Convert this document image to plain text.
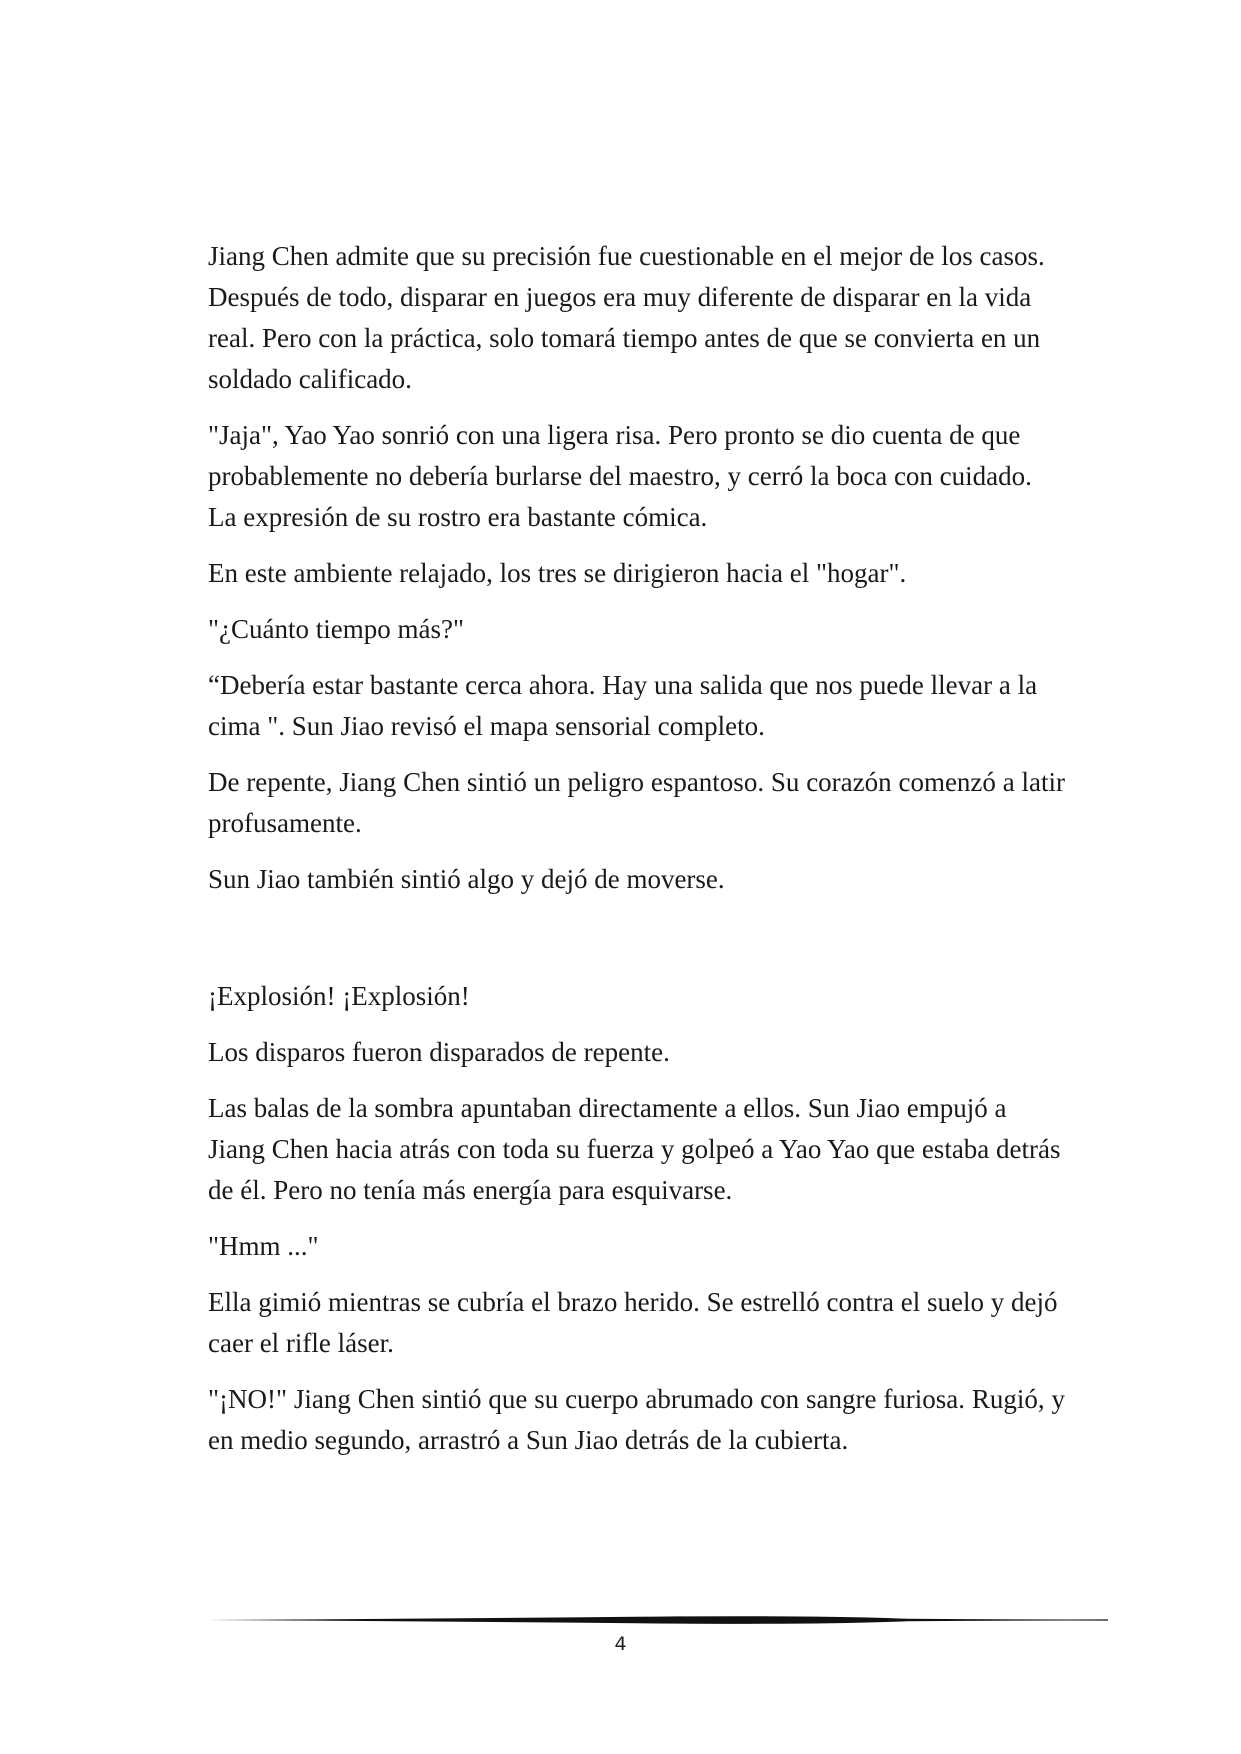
Jiang Chen admite que su precisión fue cuestionable en el mejor de los casos. Después de todo, disparar en juegos era muy diferente de disparar en la vida real. Pero con la práctica, solo tomará tiempo antes de que se convierta en un soldado calificado.

"Jaja", Yao Yao sonrió con una ligera risa. Pero pronto se dio cuenta de que probablemente no debería burlarse del maestro, y cerró la boca con cuidado. La expresión de su rostro era bastante cómica.

En este ambiente relajado, los tres se dirigieron hacia el "hogar".

"¿Cuánto tiempo más?"

“Debería estar bastante cerca ahora. Hay una salida que nos puede llevar a la cima ". Sun Jiao revisó el mapa sensorial completo.

De repente, Jiang Chen sintió un peligro espantoso. Su corazón comenzó a latir profusamente.

Sun Jiao también sintió algo y dejó de moverse.

¡Explosión! ¡Explosión!

Los disparos fueron disparados de repente.

Las balas de la sombra apuntaban directamente a ellos. Sun Jiao empujó a Jiang Chen hacia atrás con toda su fuerza y golpeó a Yao Yao que estaba detrás de él. Pero no tenía más energía para esquivarse.

"Hmm ..."

Ella gimió mientras se cubría el brazo herido. Se estrelló contra el suelo y dejó caer el rifle láser.

"¡NO!" Jiang Chen sintió que su cuerpo abrumado con sangre furiosa. Rugió, y en medio segundo, arrastró a Sun Jiao detrás de la cubierta.

4
